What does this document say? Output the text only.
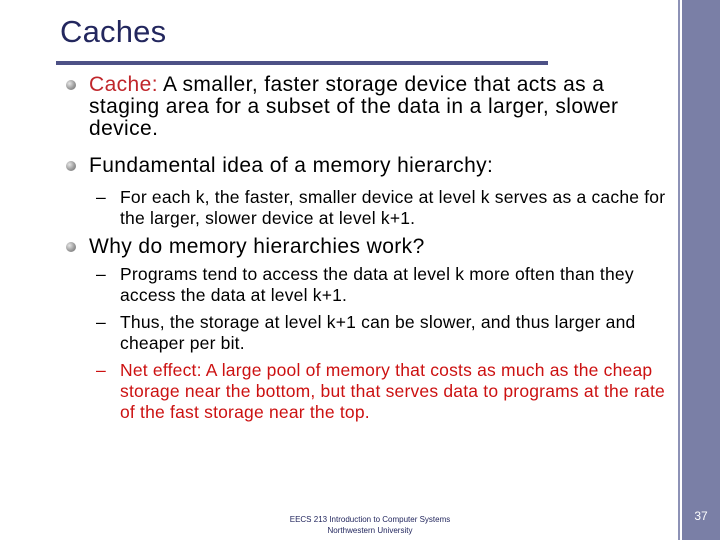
Caches
Cache: A smaller, faster storage device that acts as a staging area for a subset of the data in a larger, slower device.
Fundamental idea of a memory hierarchy:
– For each k, the faster, smaller device at level k serves as a cache for the larger, slower device at level k+1.
Why do memory hierarchies work?
– Programs tend to access the data at level k more often than they access the data at level k+1.
– Thus, the storage at level k+1 can be slower, and thus larger and cheaper per bit.
– Net effect: A large pool of memory that costs as much as the cheap storage near the bottom, but that serves data to programs at the rate of the fast storage near the top.
EECS 213 Introduction to Computer Systems
Northwestern University
37
